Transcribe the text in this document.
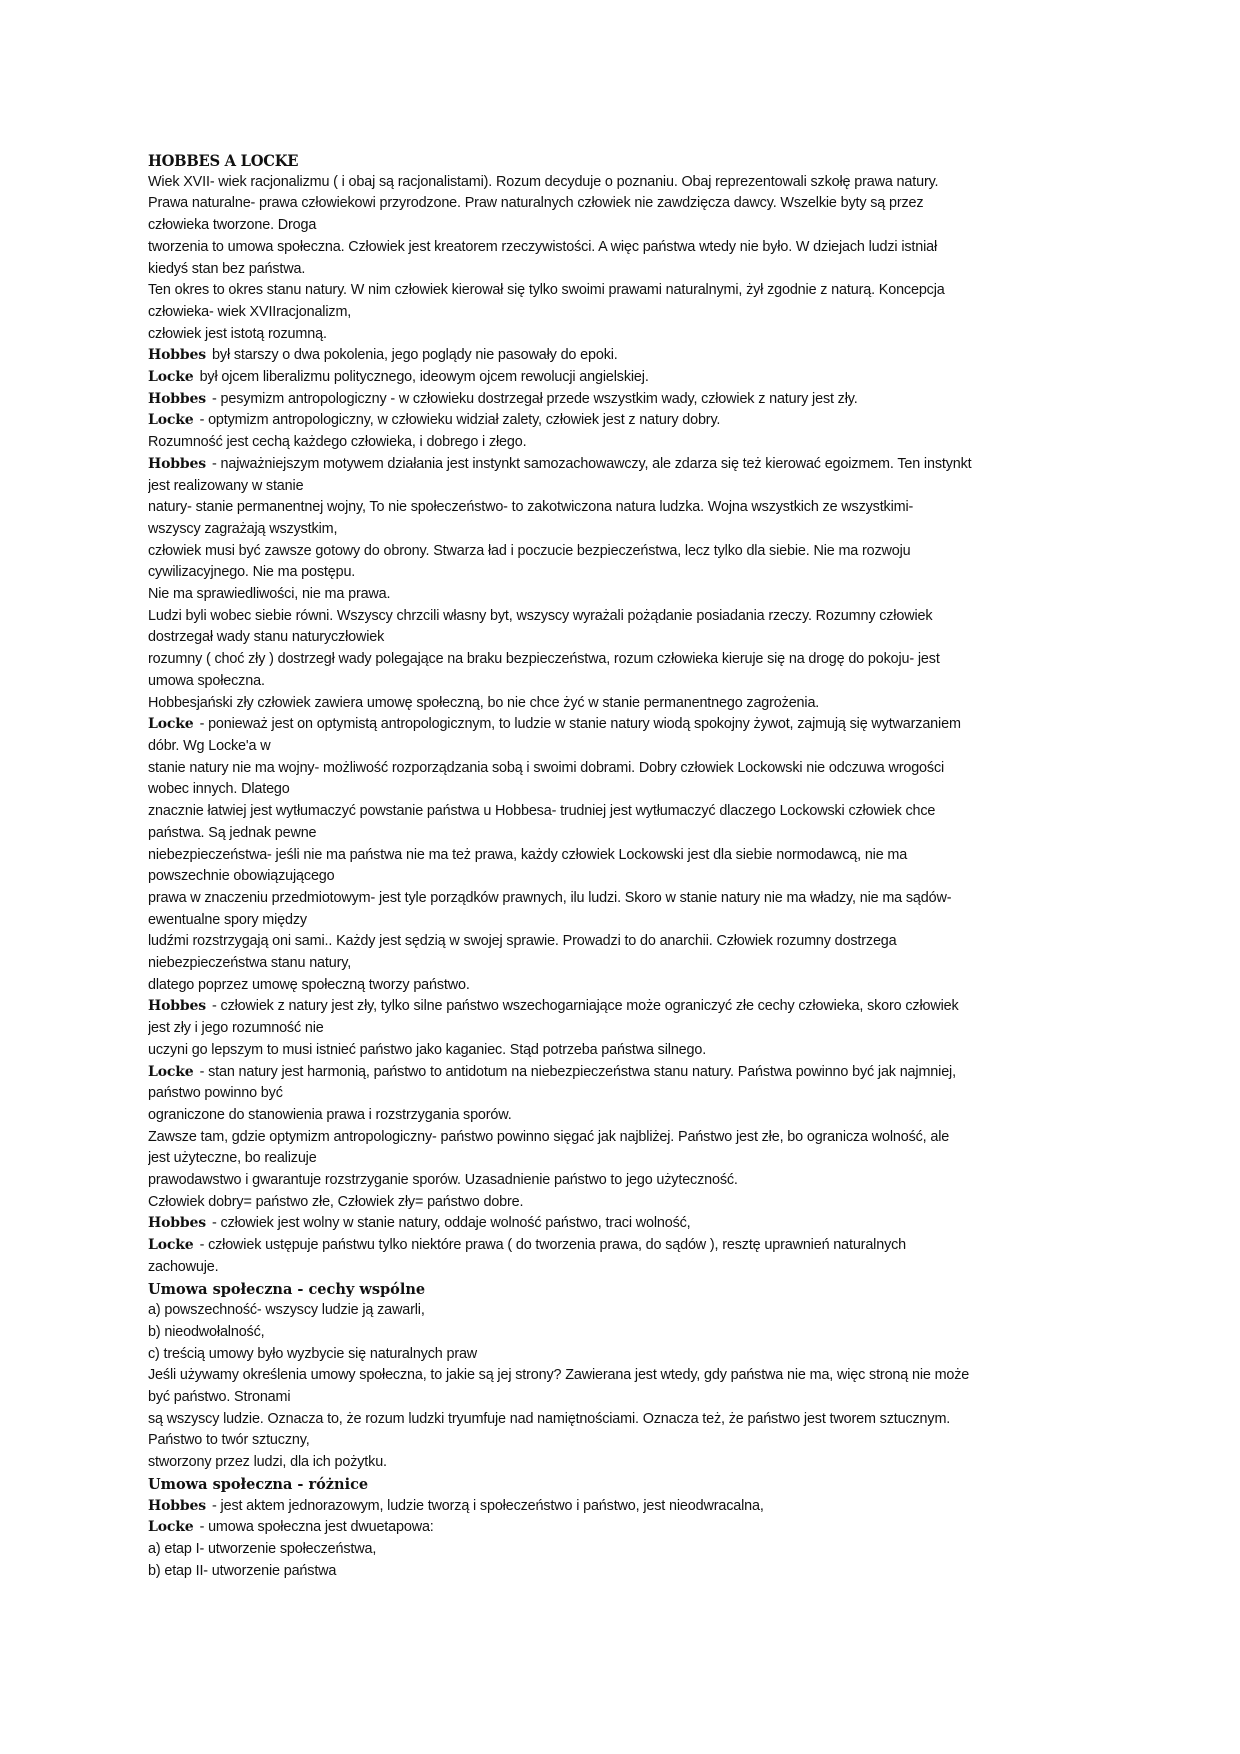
HOBBES A LOCKE
Wiek XVII- wiek racjonalizmu ( i obaj są racjonalistami). Rozum decyduje o poznaniu. Obaj reprezentowali szkołę prawa natury.
Prawa naturalne- prawa człowiekowi przyrodzone. Praw naturalnych człowiek nie zawdzięcza dawcy. Wszelkie byty są przez
człowieka tworzone. Droga
tworzenia to umowa społeczna. Człowiek jest kreatorem rzeczywistości. A więc państwa wtedy nie było. W dziejach ludzi istniał
kiedyś stan bez państwa.
Ten okres to okres stanu natury. W nim człowiek kierował się tylko swoimi prawami naturalnymi, żył zgodnie z naturą. Koncepcja
człowieka- wiek XVIIracjonalizm,
człowiek jest istotą rozumną.
Hobbes był starszy o dwa pokolenia, jego poglądy nie pasowały do epoki.
Locke był ojcem liberalizmu politycznego, ideowym ojcem rewolucji angielskiej.
Hobbes - pesymizm antropologiczny - w człowieku dostrzegał przede wszystkim wady, człowiek z natury jest zły.
Locke - optymizm antropologiczny, w człowieku widział zalety, człowiek jest z natury dobry.
Rozumność jest cechą każdego człowieka, i dobrego i złego.
Hobbes - najważniejszym motywem działania jest instynkt samozachowawczy, ale zdarza się też kierować egoizmem. Ten instynkt
jest realizowany w stanie
natury- stanie permanentnej wojny, To nie społeczeństwo- to zakotwiczona natura ludzka. Wojna wszystkich ze wszystkimi-
wszyscy zagrażają wszystkim,
człowiek musi być zawsze gotowy do obrony. Stwarza ład i poczucie bezpieczeństwa, lecz tylko dla siebie. Nie ma rozwoju
cywilizacyjnego. Nie ma postępu.
Nie ma sprawiedliwości, nie ma prawa.
Ludzi byli wobec siebie równi. Wszyscy chrzcili własny byt, wszyscy wyrażali pożądanie posiadania rzeczy. Rozumny człowiek
dostrzegał wady stanu naturyczłowiek
rozumny ( choć zły ) dostrzegł wady polegające na braku bezpieczeństwa, rozum człowieka kieruje się na drogę do pokoju- jest
umowa społeczna.
Hobbesjański zły człowiek zawiera umowę społeczną, bo nie chce żyć w stanie permanentnego zagrożenia.
Locke - ponieważ jest on optymistą antropologicznym, to ludzie w stanie natury wiodą spokojny żywot, zajmują się wytwarzaniem
dóbr. Wg Locke'a w
stanie natury nie ma wojny- możliwość rozporządzania sobą i swoimi dobrami. Dobry człowiek Lockowski nie odczuwa wrogości
wobec innych. Dlatego
znacznie łatwiej jest wytłumaczyć powstanie państwa u Hobbesa- trudniej jest wytłumaczyć dlaczego Lockowski człowiek chce
państwa. Są jednak pewne
niebezpieczeństwa- jeśli nie ma państwa nie ma też prawa, każdy człowiek Lockowski jest dla siebie normodawcą, nie ma
powszechnie obowiązującego
prawa w znaczeniu przedmiotowym- jest tyle porządków prawnych, ilu ludzi. Skoro w stanie natury nie ma władzy, nie ma sądów-
ewentualne spory między
ludźmi rozstrzygają oni sami.. Każdy jest sędzią w swojej sprawie. Prowadzi to do anarchii. Człowiek rozumny dostrzega
niebezpieczeństwa stanu natury,
dlatego poprzez umowę społeczną tworzy państwo.
Hobbes - człowiek z natury jest zły, tylko silne państwo wszechogarniające może ograniczyć złe cechy człowieka, skoro człowiek
jest zły i jego rozumność nie
uczyni go lepszym to musi istnieć państwo jako kaganiec. Stąd potrzeba państwa silnego.
Locke - stan natury jest harmonią, państwo to antidotum na niebezpieczeństwa stanu natury. Państwa powinno być jak najmniej,
państwo powinno być
ograniczone do stanowienia prawa i rozstrzygania sporów.
Zawsze tam, gdzie optymizm antropologiczny- państwo powinno sięgać jak najbliżej. Państwo jest złe, bo ogranicza wolność, ale
jest użyteczne, bo realizuje
prawodawstwo i gwarantuje rozstrzyganie sporów. Uzasadnienie państwo to jego użyteczność.
Człowiek dobry= państwo złe, Człowiek zły= państwo dobre.
Hobbes - człowiek jest wolny w stanie natury, oddaje wolność państwo, traci wolność,
Locke - człowiek ustępuje państwu tylko niektóre prawa ( do tworzenia prawa, do sądów ), resztę uprawnień naturalnych
zachowuje.
Umowa społeczna - cechy wspólne
a) powszechność- wszyscy ludzie ją zawarli,
b) nieodwołalność,
c) treścią umowy było wyzbycie się naturalnych praw
Jeśli używamy określenia umowy społeczna, to jakie są jej strony? Zawierana jest wtedy, gdy państwa nie ma, więc stroną nie może
być państwo. Stronami
są wszyscy ludzie. Oznacza to, że rozum ludzki tryumfuje nad namiętnościami. Oznacza też, że państwo jest tworem sztucznym.
Państwo to twór sztuczny,
stworzony przez ludzi, dla ich pożytku.
Umowa społeczna - różnice
Hobbes - jest aktem jednorazowym, ludzie tworzą i społeczeństwo i państwo, jest nieodwracalna,
Locke - umowa społeczna jest dwuetapowa:
a) etap I- utworzenie społeczeństwa,
b) etap II- utworzenie państwa
